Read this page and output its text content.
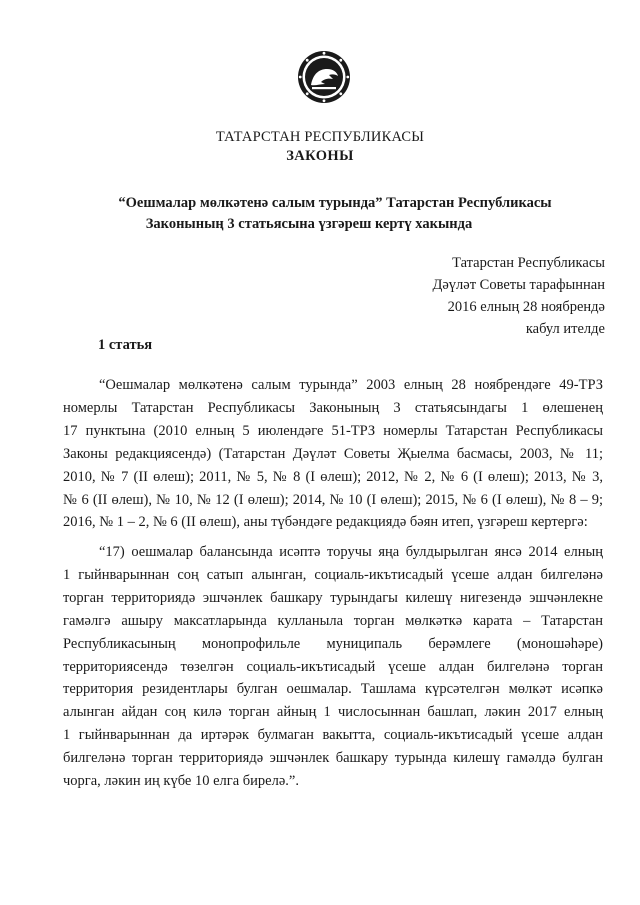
ТАТАРСТАН РЕСПУБЛИКАСЫ
ЗАКОНЫ
“Оешмалар мөлкәтенә салым турында” Татарстан Республикасы
Законының 3 статьясына үзгәреш кертү хакында
Татарстан Республикасы
Дәүләт Советы тарафыннан
2016 елның 28 ноябрендә
кабул ителде
1 статья
“Оешмалар мөлкәтенә салым турында” 2003 елның 28 ноябрендәге 49-ТРЗ
номерлы Татарстан Республикасы Законының 3 статьясындагы 1 өлешенең
17 пунктына (2010 елның 5 июлендәге 51-ТРЗ номерлы Татарстан Республикасы
Законы редакциясендә) (Татарстан Дәүләт Советы Җыелма басмасы, 2003, № 11;
2010, № 7 (II өлеш); 2011, № 5, № 8 (I өлеш); 2012, № 2, № 6 (I өлеш); 2013, № 3,
№ 6 (II өлеш), № 10, № 12 (I өлеш); 2014, № 10 (I өлеш); 2015, № 6 (I өлеш), № 8 – 9;
2016, № 1 – 2, № 6 (II өлеш), аны түбәндәге редакциядә бәян итеп, үзгәреш кертергә:
“17) оешмалар балансында исәптә торучы яңа булдырылган янсә 2014 елның
1 гыйнварыннан соң сатып алынган, социаль-икътисадый үсеше алдан билгеләнә
торган территориядә эшчәнлек башкару турындагы килешү нигезендә эшчәнлекне
гамәлгә ашыру максатларында кулланыла торган мөлкәткә карата – Татарстан
Республикасының монопрофильле муниципаль берәмлеге (моношәһәре)
территориясендә төзелгән социаль-икътисадый үсеше алдан билгеләнә торган
территория резидентлары булган оешмалар. Ташлама күрсәтелгән мөлкәт исәпкә
алынган айдан соң килә торган айның 1 числосыннан башлап, ләкин 2017 елның
1 гыйнварыннан да иртәрәк булмаган вакытта, социаль-икътисадый үсеше алдан
билгеләнә торган территориядә эшчәнлек башкару турында килешү гамәлдә булган
чорга, ләкин иң күбе 10 елга бирелә.”.
